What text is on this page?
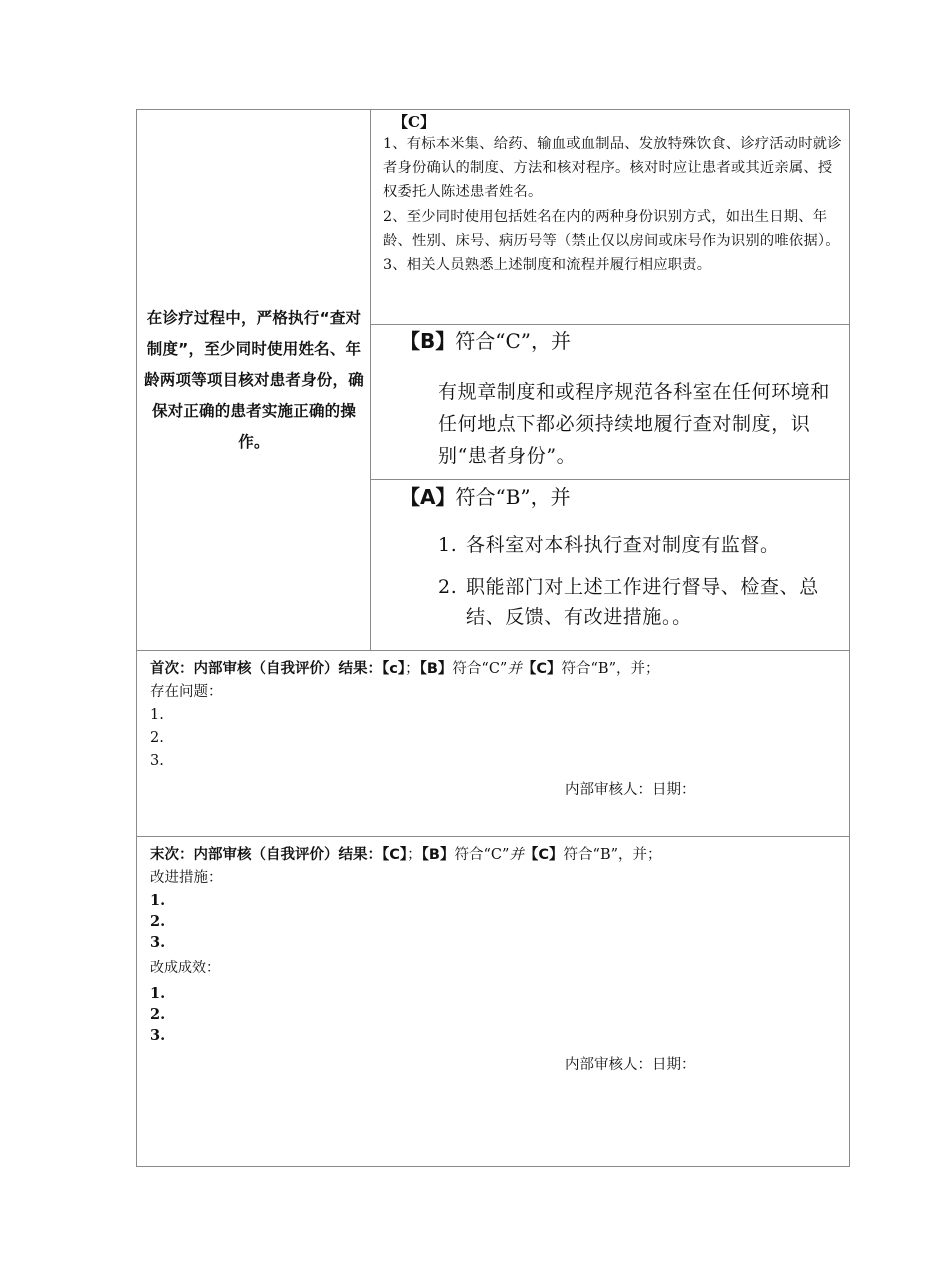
在诊疗过程中，严格执行“查对制度”，至少同时使用姓名、年龄两项等项目核对患者身份，确保对正确的患者实施正确的操作。
【C】
1、有标本米集、给药、输血或血制品、发放特殊饮食、诊疗活动时就诊者身份确认的制度、方法和核对程序。核对时应让患者或其近亲属、授权委托人陈述患者姓名。
2、至少同时使用包括姓名在内的两种身份识别方式，如出生日期、年龄、性别、床号、病历号等（禁止仅以房间或床号作为识别的唯依据）。
3、相关人员熟悉上述制度和流程并履行相应职责。
【B】符合“C”，并
有规章制度和或程序规范各科室在任何环境和任何地点下都必须持续地履行查对制度，识别“患者身份”。
【A】符合“B”，并
1. 各科室对本科执行查对制度有监督。
2. 职能部门对上述工作进行督导、检查、总结、反馈、有改进措施。。
首次：内部审核（自我评价）结果：【c】；【B】符合“C”并【C】符合“B”，并；
存在问题：
1.
2.
3.
内部审核人：日期：
末次：内部审核（自我评价）结果：【C】；【B】符合“C”并【C】符合“B”，并；
改进措施：
1.
2.
3.
改成成效：
1.
2.
3.
内部审核人：日期：
